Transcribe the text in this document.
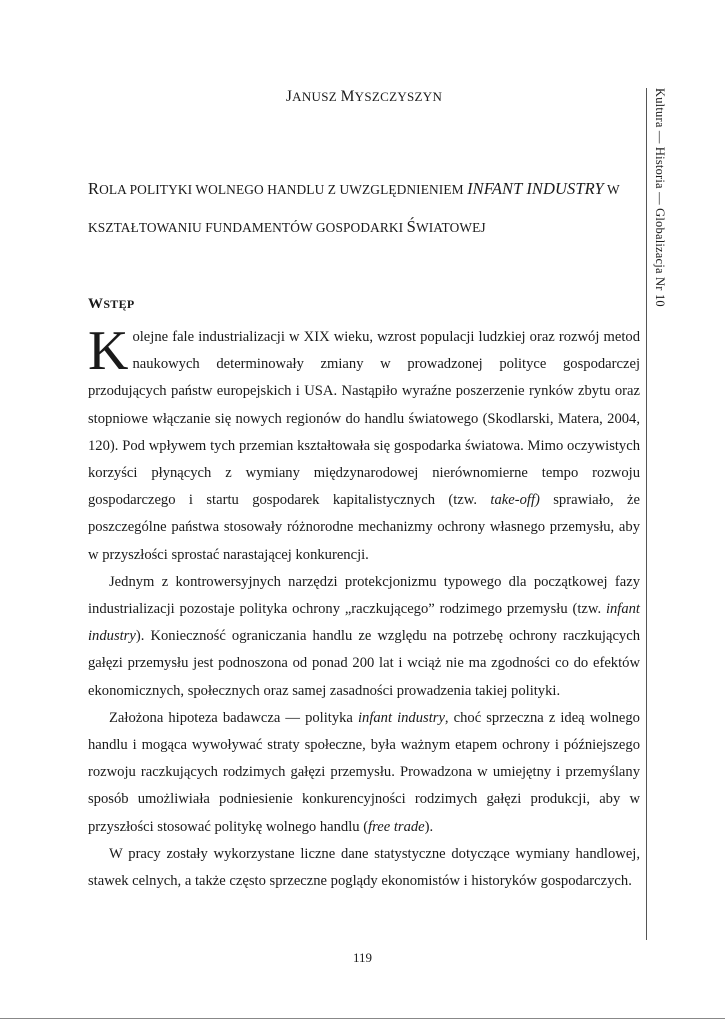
JANUSZ MYSZCZYSZYN
ROLA POLITYKI WOLNEGO HANDLU Z UWZGLĘDNIENIEM INFANT INDUSTRY W KSZTAŁTOWANIU FUNDAMENTÓW GOSPODARKI ŚWIATOWEJ
WSTĘP

Kolejne fale industrializacji w XIX wieku, wzrost populacji ludzkiej oraz rozwój metod naukowych determinowały zmiany w prowadzonej polityce gospodarczej przodujących państw europejskich i USA. Nastąpiło wyraźne poszerzenie rynków zbytu oraz stopniowe włączanie się nowych regionów do handlu światowego (Skodlarski, Matera, 2004, 120). Pod wpływem tych przemian kształtowała się gospodarka światowa. Mimo oczywistych korzyści płynących z wymiany międzynarodowej nierównomierne tempo rozwoju gospodarczego i startu gospodarek kapitalistycznych (tzw. take-off) sprawiało, że poszczególne państwa stosowały różnorodne mechanizmy ochrony własnego przemysłu, aby w przyszłości sprostać narastającej konkurencji.

Jednym z kontrowersyjnych narzędzi protekcjonizmu typowego dla początkowej fazy industrializacji pozostaje polityka ochrony „raczkującego” rodzimego przemysłu (tzw. infant industry). Konieczność ograniczania handlu ze względu na potrzebę ochrony raczkujących gałęzi przemysłu jest podnoszona od ponad 200 lat i wciąż nie ma zgodności co do efektów ekonomicznych, społecznych oraz samej zasadności prowadzenia takiej polityki.

Założona hipoteza badawcza — polityka infant industry, choć sprzeczna z ideą wolnego handlu i mogąca wywoływać straty społeczne, była ważnym etapem ochrony i późniejszego rozwoju raczkujących rodzimych gałęzi przemysłu. Prowadzona w umiejętny i przemyślany sposób umożliwiała podniesienie konkurencyjności rodzimych gałęzi produkcji, aby w przyszłości stosować politykę wolnego handlu (free trade).

W pracy zostały wykorzystane liczne dane statystyczne dotyczące wymiany handlowej, stawek celnych, a także często sprzeczne poglądy ekonomistów i historyków gospodarczych.

Kultura — Historia — Globalizacja Nr 10
119
